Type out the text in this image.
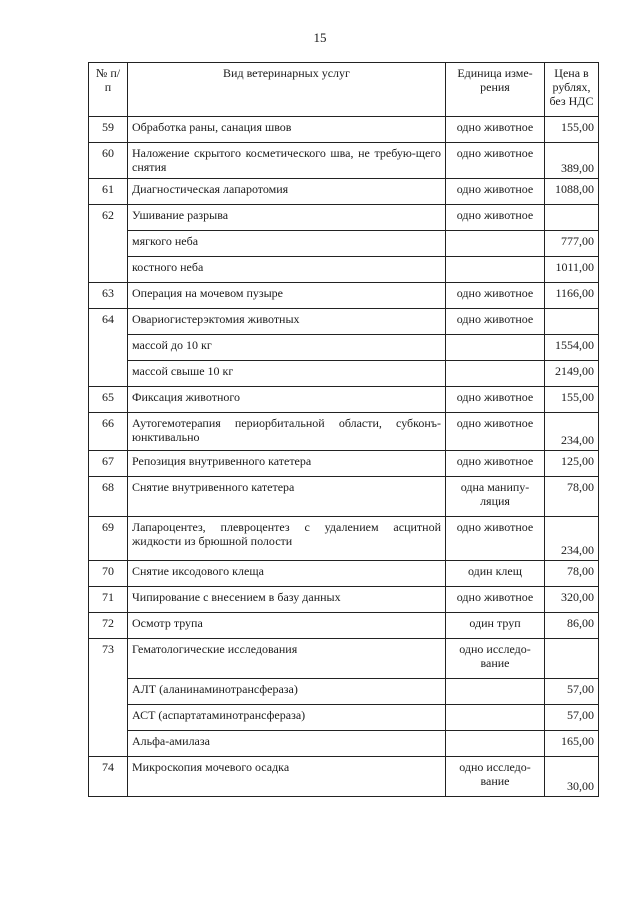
15
№ п/п	Вид ветеринарных услуг	Единица изме-рения	Цена в рублях, без НДС
59	Обработка раны, санация швов	одно животное	155,00
60	Наложение скрытого косметического шва, не требую-щего снятия	одно животное	389,00
61	Диагностическая лапаротомия	одно животное	1088,00
62	Ушивание разрыва	одно животное	
	мягкого неба		777,00
	костного неба		1011,00
63	Операция на мочевом пузыре	одно животное	1166,00
64	Овариогистерэктомия животных	одно животное	
	массой до 10 кг		1554,00
	массой свыше 10 кг		2149,00
65	Фиксация животного	одно животное	155,00
66	Аутогемотерапия периорбитальной области, субконъ-юнктивально	одно животное	234,00
67	Репозиция внутривенного катетера	одно животное	125,00
68	Снятие внутривенного катетера	одна манипу-ляция	78,00
69	Лапароцентез, плевроцентез с удалением асцитной жидкости из брюшной полости	одно животное	234,00
70	Снятие иксодового клеща	один клещ	78,00
71	Чипирование с внесением в базу данных	одно животное	320,00
72	Осмотр трупа	один труп	86,00
73	Гематологические исследования	одно исследо-вание	
	АЛТ (аланинаминотрансфераза)		57,00
	АСТ (аспартатаминотрансфераза)		57,00
	Альфа-амилаза		165,00
74	Микроскопия мочевого осадка	одно исследо-вание	30,00
